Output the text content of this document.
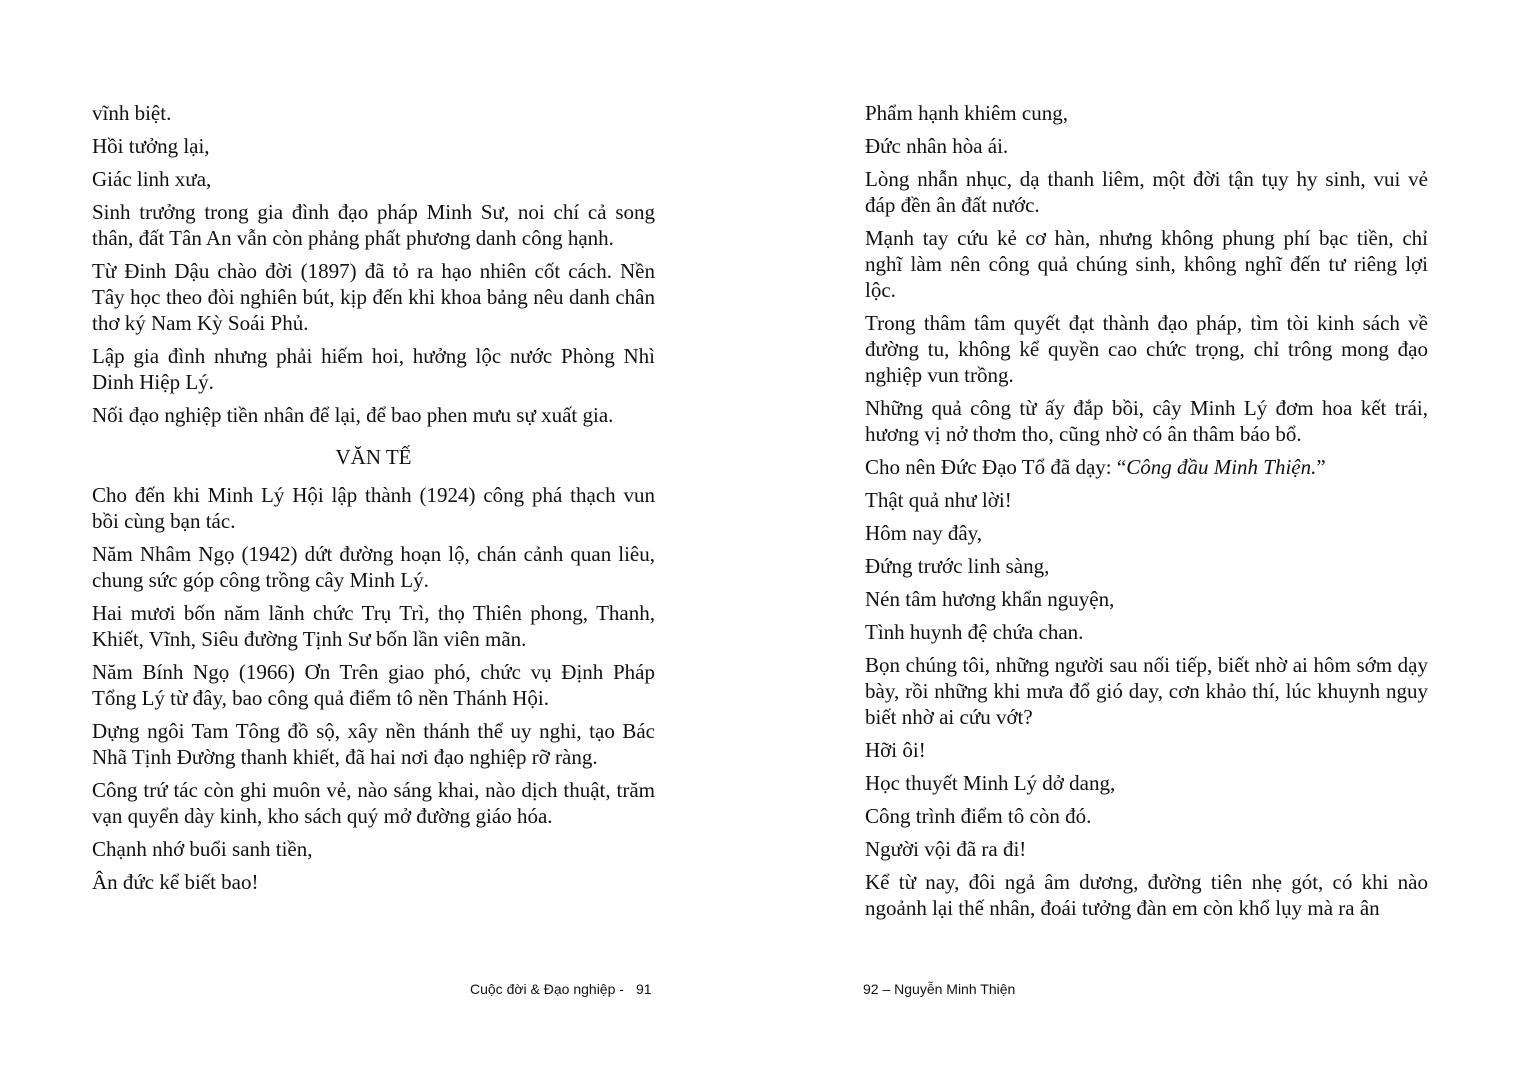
vĩnh biệt.

Hồi tưởng lại,

Giác linh xưa,

Sinh trưởng trong gia đình đạo pháp Minh Sư, noi chí cả song thân, đất Tân An vẫn còn phảng phất phương danh công hạnh.

Từ Đinh Dậu chào đời (1897) đã tỏ ra hạo nhiên cốt cách. Nền Tây học theo đòi nghiên bút, kịp đến khi khoa bảng nêu danh chân thơ ký Nam Kỳ Soái Phủ.

Lập gia đình nhưng phải hiếm hoi, hưởng lộc nước Phòng Nhì Dinh Hiệp Lý.

Nối đạo nghiệp tiền nhân để lại, để bao phen mưu sự xuất gia.

VĂN TẾ

Cho đến khi Minh Lý Hội lập thành (1924) công phá thạch vun bồi cùng bạn tác.

Năm Nhâm Ngọ (1942) dứt đường hoạn lộ, chán cảnh quan liêu, chung sức góp công trồng cây Minh Lý.

Hai mươi bốn năm lãnh chức Trụ Trì, thọ Thiên phong, Thanh, Khiết, Vĩnh, Siêu đường Tịnh Sư bốn lần viên mãn.

Năm Bính Ngọ (1966) Ơn Trên giao phó, chức vụ Định Pháp Tổng Lý từ đây, bao công quả điểm tô nền Thánh Hội.

Dựng ngôi Tam Tông đồ sộ, xây nền thánh thể uy nghi, tạo Bác Nhã Tịnh Đường thanh khiết, đã hai nơi đạo nghiệp rỡ ràng.

Công trứ tác còn ghi muôn vẻ, nào sáng khai, nào dịch thuật, trăm vạn quyển dày kinh, kho sách quý mở đường giáo hóa.

Chạnh nhớ buổi sanh tiền,

Ân đức kể biết bao!

Cuộc đời & Đạo nghiệp - 91

Phẩm hạnh khiêm cung,

Đức nhân hòa ái.

Lòng nhẫn nhục, dạ thanh liêm, một đời tận tụy hy sinh, vui vẻ đáp đền ân đất nước.

Mạnh tay cứu kẻ cơ hàn, nhưng không phung phí bạc tiền, chỉ nghĩ làm nên công quả chúng sinh, không nghĩ đến tư riêng lợi lộc.

Trong thâm tâm quyết đạt thành đạo pháp, tìm tòi kinh sách về đường tu, không kể quyền cao chức trọng, chỉ trông mong đạo nghiệp vun trồng.

Những quả công từ ấy đắp bồi, cây Minh Lý đơm hoa kết trái, hương vị nở thơm tho, cũng nhờ có ân thâm báo bổ.

Cho nên Đức Đạo Tổ đã dạy: “Công đầu Minh Thiện.”

Thật quả như lời!

Hôm nay đây,

Đứng trước linh sàng,

Nén tâm hương khẩn nguyện,

Tình huynh đệ chứa chan.

Bọn chúng tôi, những người sau nối tiếp, biết nhờ ai hôm sớm dạy bày, rồi những khi mưa đổ gió day, cơn khảo thí, lúc khuynh nguy biết nhờ ai cứu vớt?

Hỡi ôi!

Học thuyết Minh Lý dở dang,

Công trình điểm tô còn đó.

Người vội đã ra đi!

Kể từ nay, đôi ngả âm dương, đường tiên nhẹ gót, có khi nào ngoảnh lại thế nhân, đoái tưởng đàn em còn khổ lụy mà ra ân

92 – Nguyễn Minh Thiện
